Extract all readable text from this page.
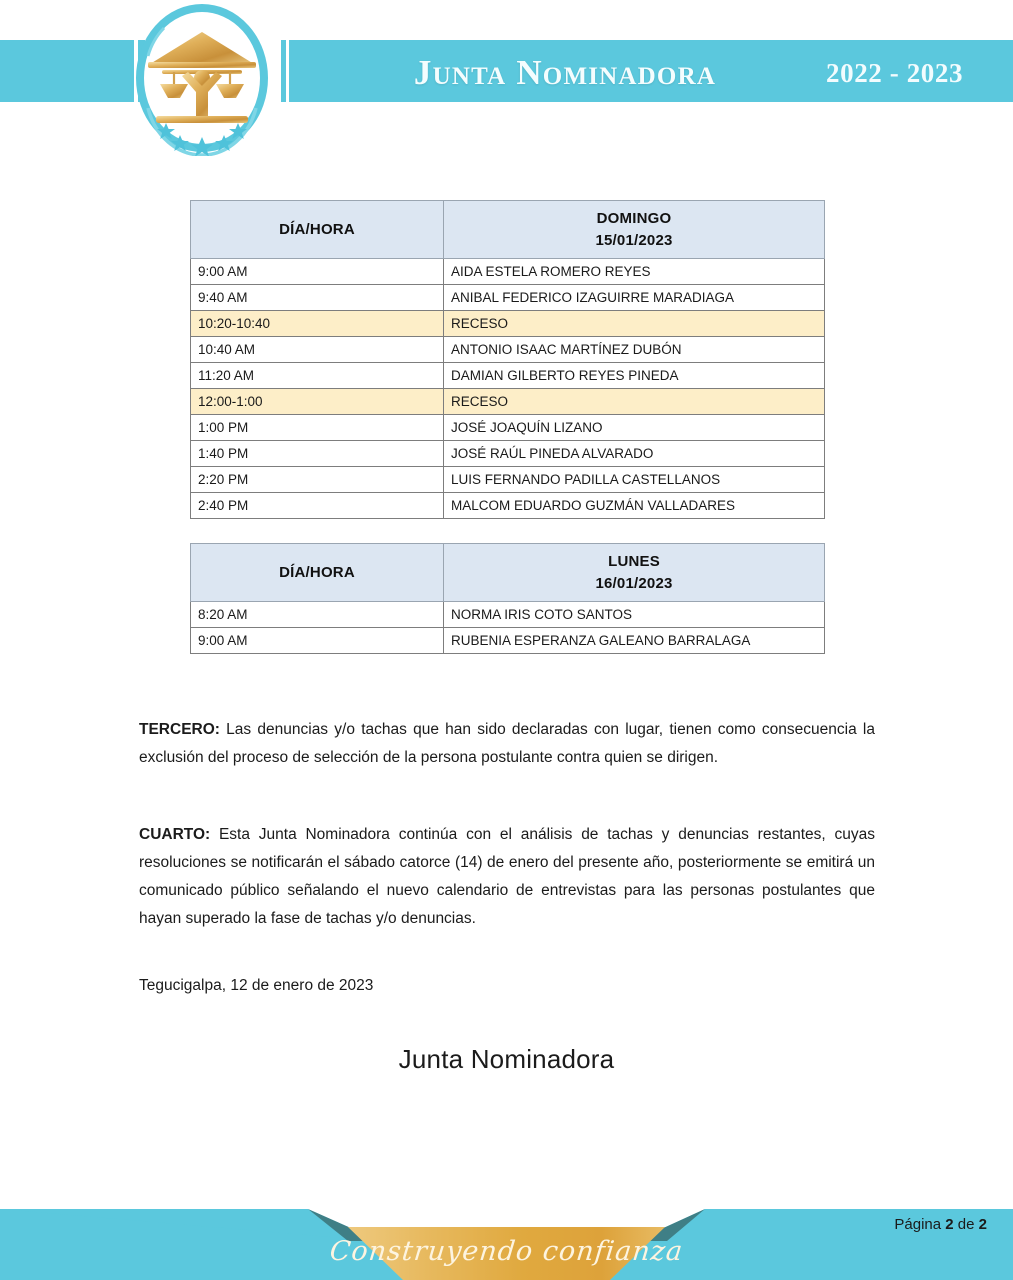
Junta Nominadora	2022 - 2023
DÍA/HORA	DOMINGO
15/01/2023

9:00 AM	AIDA ESTELA ROMERO REYES
9:40 AM	ANIBAL FEDERICO IZAGUIRRE MARADIAGA
10:20-10:40	RECESO
10:40 AM	ANTONIO ISAAC MARTÍNEZ DUBÓN
11:20 AM	DAMIAN GILBERTO REYES PINEDA
12:00-1:00	RECESO
1:00 PM	JOSÉ JOAQUÍN LIZANO
1:40 PM	JOSÉ RAÚL PINEDA ALVARADO
2:20 PM	LUIS FERNANDO PADILLA CASTELLANOS
2:40 PM	MALCOM EDUARDO GUZMÁN VALLADARES
DÍA/HORA	LUNES
16/01/2023

8:20 AM	NORMA IRIS COTO SANTOS
9:00 AM	RUBENIA ESPERANZA GALEANO BARRALAGA

TERCERO: Las denuncias y/o tachas que han sido declaradas con lugar, tienen como consecuencia la exclusión del proceso de selección de la persona postulante contra quien se dirigen.

CUARTO: Esta Junta Nominadora continúa con el análisis de tachas y denuncias restantes, cuyas resoluciones se notificarán el sábado catorce (14) de enero del presente año, posteriormente se emitirá un comunicado público señalando el nuevo calendario de entrevistas para las personas postulantes que hayan superado la fase de tachas y/o denuncias.

Tegucigalpa, 12 de enero de 2023

Junta Nominadora
Construyendo confianza
Página 2 de 2
